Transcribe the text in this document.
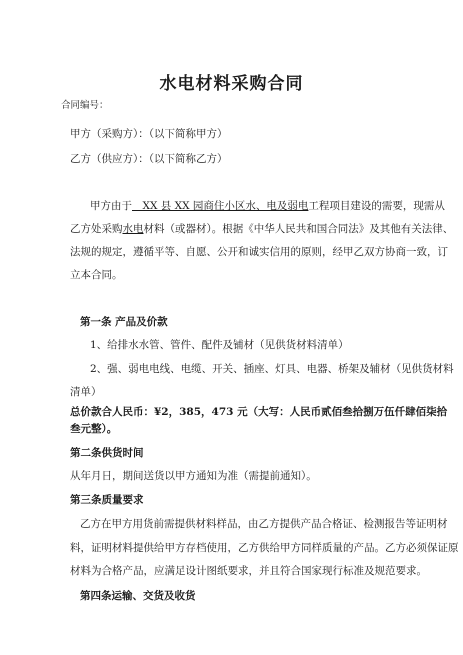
水电材料采购合同
合同编号：
甲方（采购方）：（以下简称甲方）
乙方（供应方）：（以下简称乙方）
甲方由于　XX 县 XX 园商住小区水、电及弱电工程项目建设的需要，现需从
乙方处采购水电材料（或器材）。根据《中华人民共和国合同法》及其他有关法律、
法规的规定，遵循平等、自愿、公开和诚实信用的原则，经甲乙双方协商一致，订
立本合同。
第一条 产品及价款
1、给排水水管、管件、配件及铺材（见供货材料清单）
2、强、弱电电线、电缆、开关、插座、灯具、电器、桥架及辅材（见供货材料
清单）
总价款合人民币：¥2，385，473 元（大写：人民币贰佰叁拾捌万伍仟肆佰柒拾
叁元整）。
第二条供货时间
从年月日，期间送货以甲方通知为准（需提前通知）。
第三条质量要求
乙方在甲方用货前需提供材料样品，由乙方提供产品合格证、检测报告等证明材
料，证明材料提供给甲方存档使用，乙方供给甲方同样质量的产品。乙方必须保证原
材料为合格产品，应满足设计图纸要求，并且符合国家现行标准及规范要求。
第四条运输、交货及收货
